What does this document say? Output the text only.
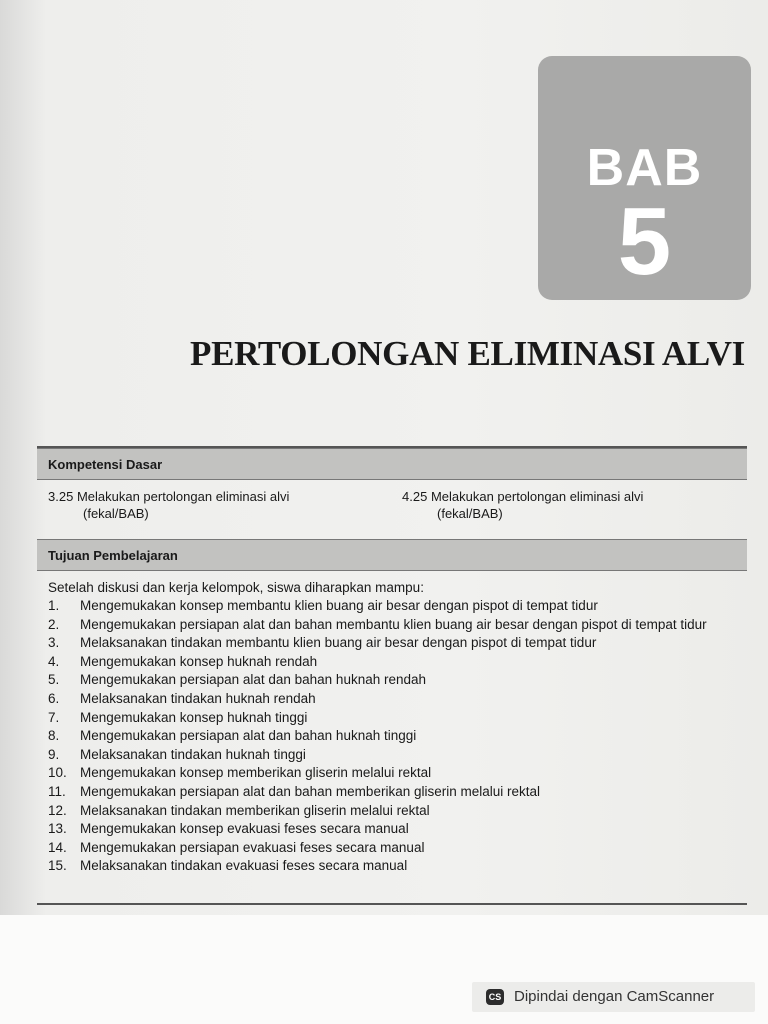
BAB
5
PERTOLONGAN ELIMINASI ALVI
Kompetensi Dasar
3.25 Melakukan pertolongan eliminasi alvi
(fekal/BAB)
4.25 Melakukan pertolongan eliminasi alvi
(fekal/BAB)
Tujuan Pembelajaran
Setelah diskusi dan kerja kelompok, siswa diharapkan mampu:
1. Mengemukakan konsep membantu klien buang air besar dengan pispot di tempat tidur
2. Mengemukakan persiapan alat dan bahan membantu klien buang air besar dengan pispot di tempat tidur
3. Melaksanakan tindakan membantu klien buang air besar dengan pispot di tempat tidur
4. Mengemukakan konsep huknah rendah
5. Mengemukakan persiapan alat dan bahan huknah rendah
6. Melaksanakan tindakan huknah rendah
7. Mengemukakan konsep huknah tinggi
8. Mengemukakan persiapan alat dan bahan huknah tinggi
9. Melaksanakan tindakan huknah tinggi
10. Mengemukakan konsep memberikan gliserin melalui rektal
11. Mengemukakan persiapan alat dan bahan memberikan gliserin melalui rektal
12. Melaksanakan tindakan memberikan gliserin melalui rektal
13. Mengemukakan konsep evakuasi feses secara manual
14. Mengemukakan persiapan evakuasi feses secara manual
15. Melaksanakan tindakan evakuasi feses secara manual
CS Dipindai dengan CamScanner
